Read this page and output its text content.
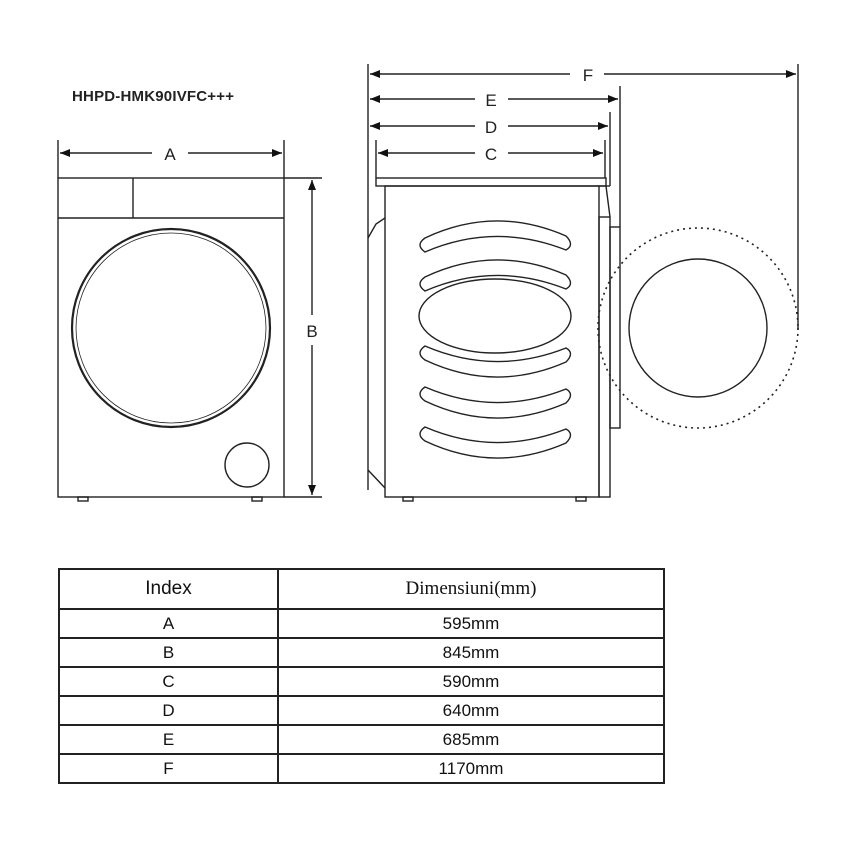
HHPD-HMK90IVFC+++
A
B
F
E
D
C
Index	Dimensiuni(mm)
A	595mm
B	845mm
C	590mm
D	640mm
E	685mm
F	1170mm
